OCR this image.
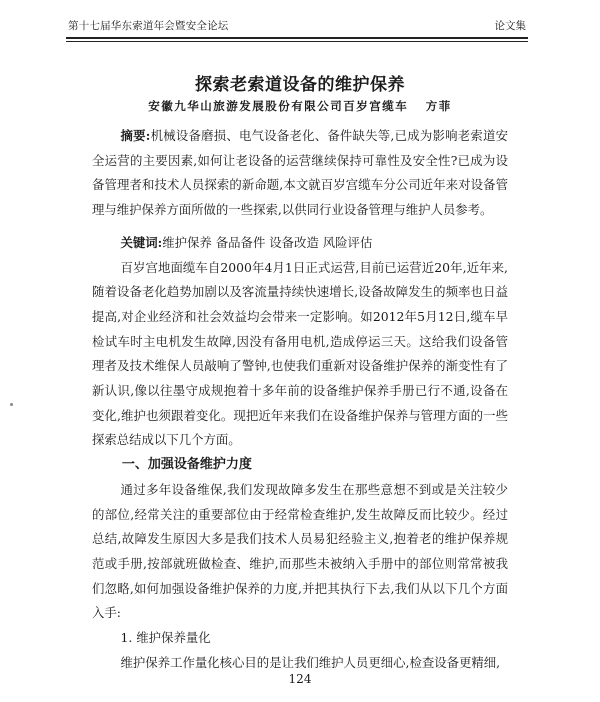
第十七届华东索道年会暨安全论坛	论文集
探索老索道设备的维护保养
安徽九华山旅游发展股份有限公司百岁宫缆车 方菲

摘要:机械设备磨损、电气设备老化、备件缺失等,已成为影响老索道安全运营的主要因素,如何让老设备的运营继续保持可靠性及安全性?已成为设备管理者和技术人员探索的新命题,本文就百岁宫缆车分公司近年来对设备管理与维护保养方面所做的一些探索,以供同行业设备管理与维护人员参考。

关键词:维护保养 备品备件 设备改造 风险评估

百岁宫地面缆车自2000年4月1日正式运营,目前已运营近20年,近年来,随着设备老化趋势加剧以及客流量持续快速增长,设备故障发生的频率也日益提高,对企业经济和社会效益均会带来一定影响。如2012年5月12日,缆车早检试车时主电机发生故障,因没有备用电机,造成停运三天。这给我们设备管理者及技术维保人员敲响了警钟,也使我们重新对设备维护保养的渐变性有了新认识,像以往墨守成规抱着十多年前的设备维护保养手册已行不通,设备在变化,维护也须跟着变化。现把近年来我们在设备维护保养与管理方面的一些探索总结成以下几个方面。

一、加强设备维护力度

通过多年设备维保,我们发现故障多发生在那些意想不到或是关注较少的部位,经常关注的重要部位由于经常检查维护,发生故障反而比较少。经过总结,故障发生原因大多是我们技术人员易犯经验主义,抱着老的维护保养规范或手册,按部就班做检查、维护,而那些未被纳入手册中的部位则常常被我们忽略,如何加强设备维护保养的力度,并把其执行下去,我们从以下几个方面入手:

1. 维护保养量化

维护保养工作量化核心目的是让我们维护人员更细心,检查设备更精细,

124
